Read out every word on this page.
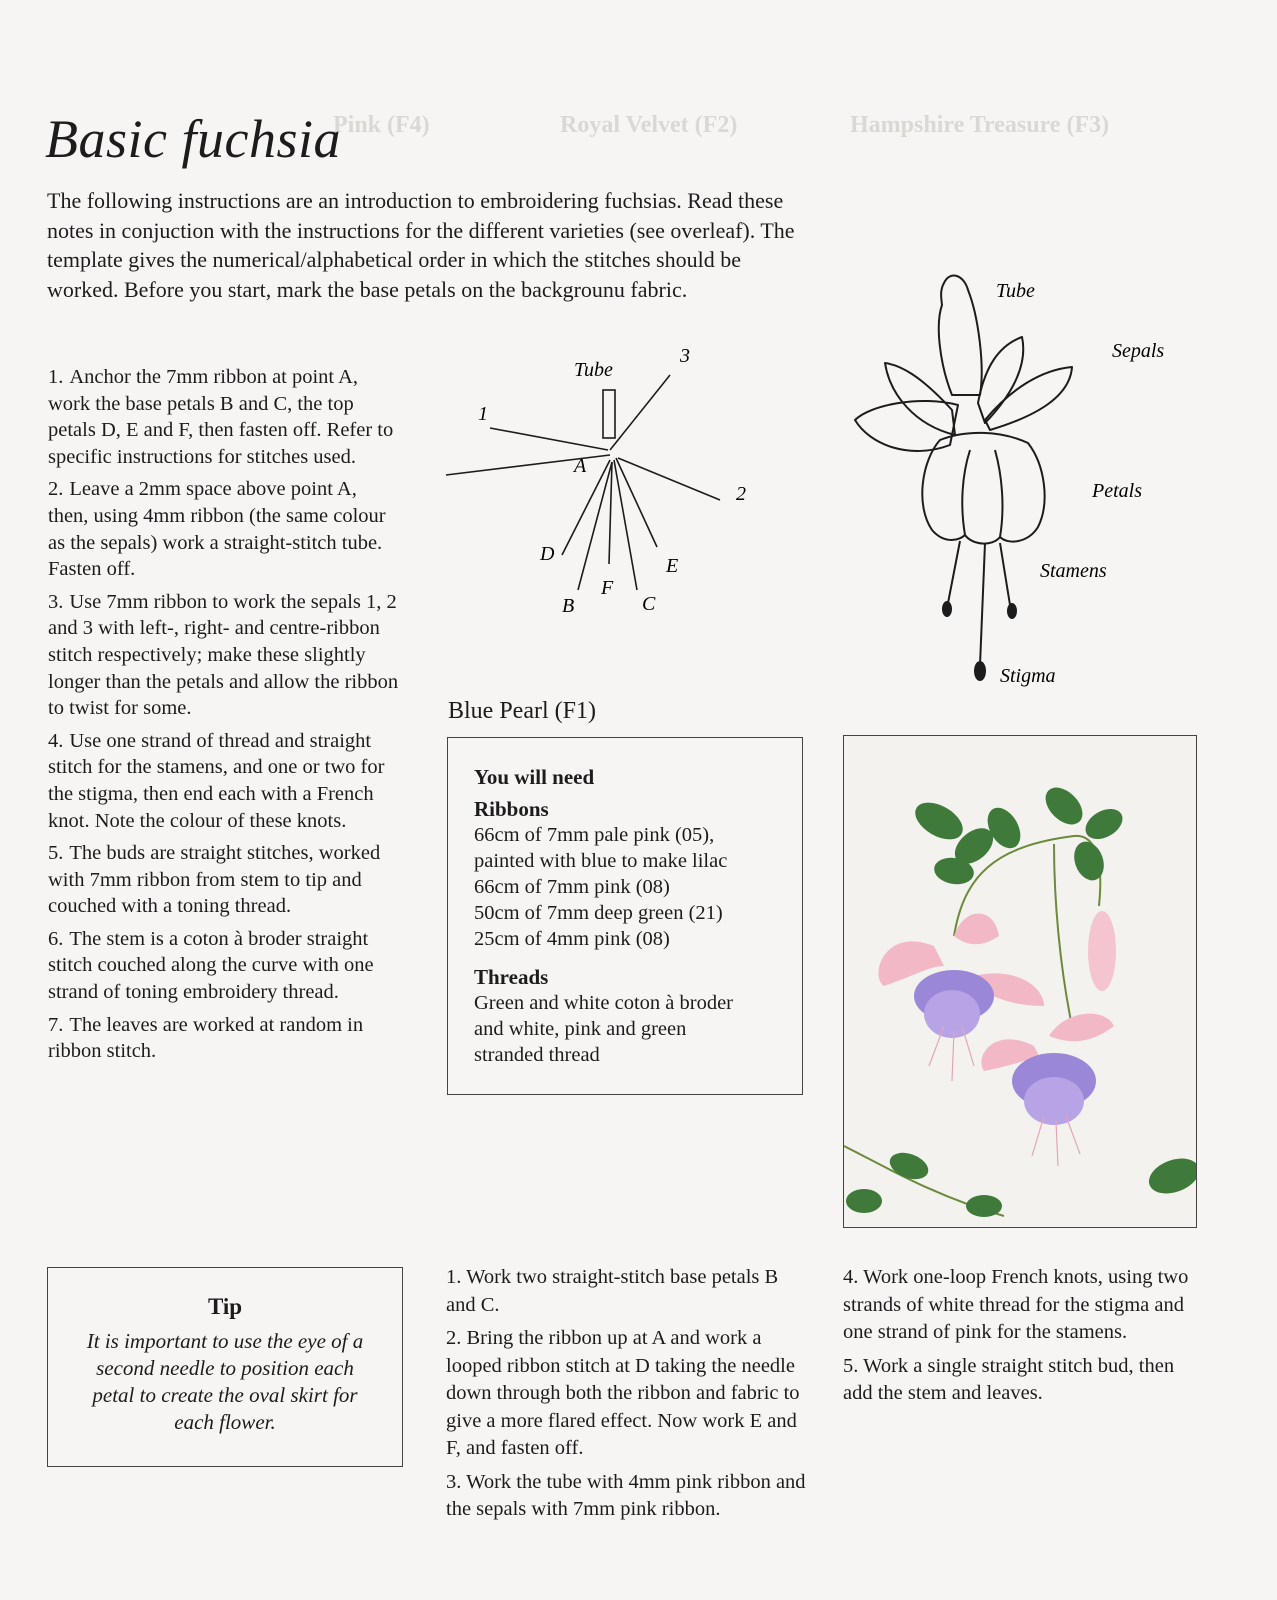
Hampshire Treasure (F3)
Royal Velvet (F2)
Pink (F4)
Basic fuchsia

The following instructions are an introduction to embroidering fuchsias. Read these notes in conjuction with the instructions for the different varieties (see overleaf). The template gives the numerical/alphabetical order in which the stitches should be worked. Before you start, mark the base petals on the backgrounu fabric.

1. Anchor the 7mm ribbon at point A, work the base petals B and C, the top petals D, E and F, then fasten off. Refer to specific instructions for stitches used.
2. Leave a 2mm space above point A, then, using 4mm ribbon (the same colour as the sepals) work a straight-stitch tube. Fasten off.
3. Use 7mm ribbon to work the sepals 1, 2 and 3 with left-, right- and centre-ribbon stitch respectively; make these slightly longer than the petals and allow the ribbon to twist for some.
4. Use one strand of thread and straight stitch for the stamens, and one or two for the stigma, then end each with a French knot. Note the colour of these knots.
5. The buds are straight stitches, worked with 7mm ribbon from stem to tip and couched with a toning thread.
6. The stem is a coton à broder straight stitch couched along the curve with one strand of toning embroidery thread.
7. The leaves are worked at random in ribbon stitch.
Tip
It is important to use the eye of a second needle to position each petal to create the oval skirt for each flower.
Tube
1
2
3
A
B	C
D
E
F
Tube
Sepals
Petals
Stamens
Stigma
Blue Pearl (F1)
You will need
Ribbons
66cm of 7mm pale pink (05),
painted with blue to make lilac
66cm of 7mm pink (08)
50cm of 7mm deep green (21)
25cm of 4mm pink (08)
Threads
Green and white coton à broder
and white, pink and green
stranded thread
1. Work two straight-stitch base petals B and C.
2. Bring the ribbon up at A and work a looped ribbon stitch at D taking the needle down through both the ribbon and fabric to give a more flared effect. Now work E and F, and fasten off.
3. Work the tube with 4mm pink ribbon and the sepals with 7mm pink ribbon.
4. Work one-loop French knots, using two strands of white thread for the stigma and one strand of pink for the stamens.
5. Work a single straight stitch bud, then add the stem and leaves.
